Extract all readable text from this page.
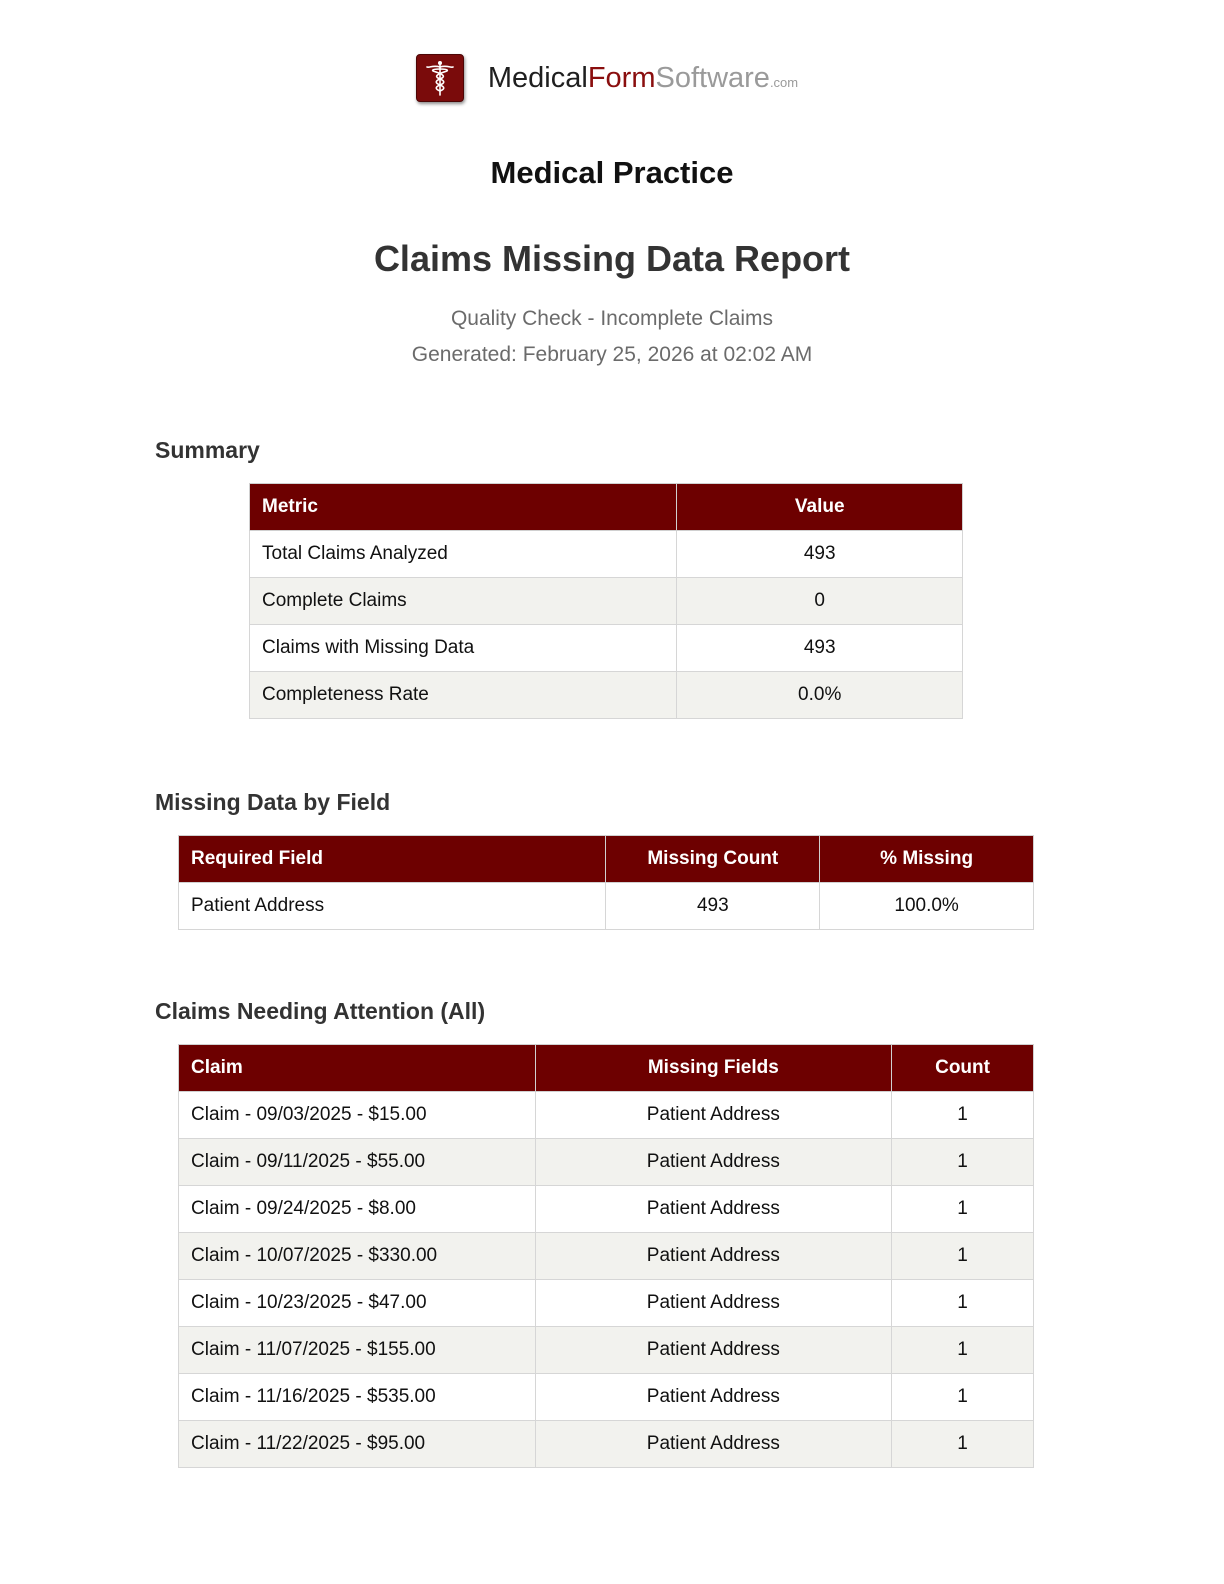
MedicalFormSoftware.com
Medical Practice
Claims Missing Data Report
Quality Check - Incomplete Claims
Generated: February 25, 2026 at 02:02 AM
Summary
Metric	Value
Total Claims Analyzed	493
Complete Claims	0
Claims with Missing Data	493
Completeness Rate	0.0%
Missing Data by Field
Required Field	Missing Count	% Missing
Patient Address	493	100.0%
Claims Needing Attention (All)
Claim	Missing Fields	Count
Claim - 09/03/2025 - $15.00	Patient Address	1
Claim - 09/11/2025 - $55.00	Patient Address	1
Claim - 09/24/2025 - $8.00	Patient Address	1
Claim - 10/07/2025 - $330.00	Patient Address	1
Claim - 10/23/2025 - $47.00	Patient Address	1
Claim - 11/07/2025 - $155.00	Patient Address	1
Claim - 11/16/2025 - $535.00	Patient Address	1
Claim - 11/22/2025 - $95.00	Patient Address	1
